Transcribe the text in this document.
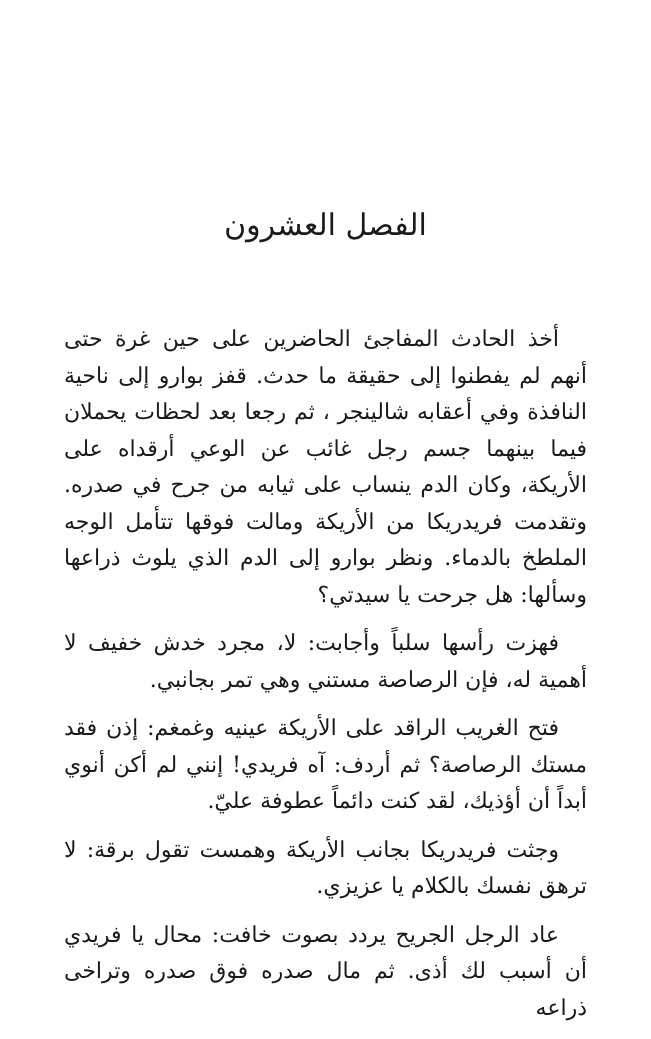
الفصل العشرون

أخذ الحادث المفاجئ الحاضرين على حين غرة حتى أنهم لم يفطنوا إلى حقيقة ما حدث. قفز بوارو إلى ناحية النافذة وفي أعقابه شالينجر ، ثم رجعا بعد لحظات يحملان فيما بينهما جسم رجل غائب عن الوعي أرقداه على الأريكة، وكان الدم ينساب على ثيابه من جرح في صدره. وتقدمت فريدريكا من الأريكة ومالت فوقها تتأمل الوجه الملطخ بالدماء. ونظر بوارو إلى الدم الذي يلوث ذراعها وسألها: هل جرحت يا سيدتي؟

فهزت رأسها سلباً وأجابت: لا، مجرد خدش خفيف لا أهمية له، فإن الرصاصة مستني وهي تمر بجانبي.

فتح الغريب الراقد على الأريكة عينيه وغمغم: إذن فقد مستك الرصاصة؟ ثم أردف: آه فريدي! إنني لم أكن أنوي أبداً أن أؤذيك، لقد كنت دائماً عطوفة عليّ.

وجثت فريدريكا بجانب الأريكة وهمست تقول برقة: لا ترهق نفسك بالكلام يا عزيزي.

عاد الرجل الجريح يردد بصوت خافت: محال يا فريدي أن أسبب لك أذى. ثم مال صدره فوق صدره وتراخى ذراعه
